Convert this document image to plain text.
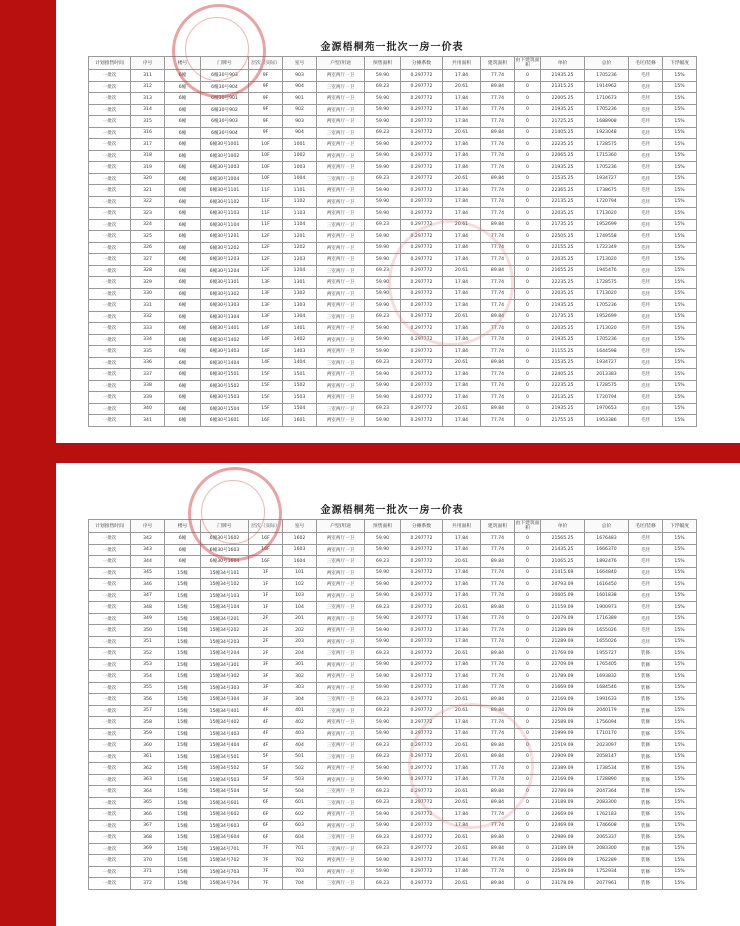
金源梧桐苑一批次一房一价表
计划推售时间	序号	楼号	门牌号	层次（实际）	室号	户型/用途	预售面积	分摊系数	共用面积	建筑面积	由下建筑面积	单价	总价	毛坯/装修	下浮幅度
一批次	311	6幢	6幢30号903	9F	903	两室两厅一卫	59.90	0.297772	17.84	77.74	0	21935.25	1705236	毛坯	15%
一批次	312	6幢	6幢30号904	9F	904	三室两厅一卫	69.23	0.297772	20.61	89.84	0	21315.25	1914962	毛坯	15%
一批次	313	6幢	6幢30号901	9F	901	两室两厅一卫	59.90	0.297772	17.84	77.74	0	22005.25	1710673	毛坯	15%
一批次	314	6幢	6幢30号902	9F	902	两室两厅一卫	59.90	0.297772	17.84	77.74	0	21935.25	1705236	毛坯	15%
一批次	315	6幢	6幢30号903	9F	903	两室两厅一卫	59.90	0.297772	17.84	77.74	0	21725.25	1688908	毛坯	15%
一批次	316	6幢	6幢30号904	9F	904	三室两厅一卫	69.23	0.297772	20.61	89.84	0	21405.25	1923048	毛坯	15%
一批次	317	6幢	6幢30号1001	10F	1001	两室两厅一卫	59.90	0.297772	17.84	77.74	0	22235.25	1728575	毛坯	15%
一批次	318	6幢	6幢30号1002	10F	1002	两室两厅一卫	59.90	0.297772	17.84	77.74	0	22065.25	1715360	毛坯	15%
一批次	319	6幢	6幢30号1003	10F	1003	两室两厅一卫	59.90	0.297772	17.84	77.74	0	21935.25	1705236	毛坯	15%
一批次	320	6幢	6幢30号1004	10F	1004	三室两厅一卫	69.23	0.297772	20.61	89.84	0	21535.25	1934727	毛坯	15%
一批次	321	6幢	6幢30号1101	11F	1101	两室两厅一卫	59.90	0.297772	17.84	77.74	0	22365.25	1738675	毛坯	15%
一批次	322	6幢	6幢30号1102	11F	1102	两室两厅一卫	59.90	0.297772	17.84	77.74	0	22135.25	1720794	毛坯	15%
一批次	323	6幢	6幢30号1103	11F	1103	两室两厅一卫	59.90	0.297772	17.84	77.74	0	22035.25	1713020	毛坯	15%
一批次	324	6幢	6幢30号1104	11F	1104	三室两厅一卫	69.23	0.297772	20.61	89.84	0	21735.25	1952699	毛坯	15%
一批次	325	6幢	6幢30号1201	12F	1201	两室两厅一卫	59.90	0.297772	17.84	77.74	0	22505.25	1749558	毛坯	15%
一批次	326	6幢	6幢30号1202	12F	1202	两室两厅一卫	59.90	0.297772	17.84	77.74	0	22155.25	1722349	毛坯	15%
一批次	327	6幢	6幢30号1203	12F	1203	两室两厅一卫	59.90	0.297772	17.84	77.74	0	22035.25	1713020	毛坯	15%
一批次	328	6幢	6幢30号1204	12F	1204	三室两厅一卫	69.23	0.297772	20.61	89.84	0	21655.25	1945476	毛坯	15%
一批次	329	6幢	6幢30号1301	13F	1301	两室两厅一卫	59.90	0.297772	17.84	77.74	0	22235.25	1728575	毛坯	15%
一批次	330	6幢	6幢30号1302	13F	1302	两室两厅一卫	59.90	0.297772	17.84	77.74	0	22035.25	1713020	毛坯	15%
一批次	331	6幢	6幢30号1303	13F	1303	两室两厅一卫	59.90	0.297772	17.84	77.74	0	21935.25	1705236	毛坯	15%
一批次	332	6幢	6幢30号1304	13F	1304	三室两厅一卫	69.23	0.297772	20.61	89.84	0	21735.25	1952699	毛坯	15%
一批次	333	6幢	6幢30号1401	14F	1401	两室两厅一卫	59.90	0.297772	17.84	77.74	0	22035.25	1713020	毛坯	15%
一批次	334	6幢	6幢30号1402	14F	1402	两室两厅一卫	59.90	0.297772	17.84	77.74	0	21935.25	1705236	毛坯	15%
一批次	335	6幢	6幢30号1403	14F	1403	两室两厅一卫	59.90	0.297772	17.84	77.74	0	21155.25	1644598	毛坯	15%
一批次	336	6幢	6幢30号1404	14F	1404	三室两厅一卫	69.23	0.297772	20.61	89.84	0	21535.25	1934727	毛坯	15%
一批次	337	6幢	6幢30号1501	15F	1501	两室两厅一卫	59.90	0.297772	17.84	77.74	0	22405.25	2013383	毛坯	15%
一批次	338	6幢	6幢30号1502	15F	1502	两室两厅一卫	59.90	0.297772	17.84	77.74	0	22235.25	1728575	毛坯	15%
一批次	339	6幢	6幢30号1503	15F	1503	两室两厅一卫	59.90	0.297772	17.84	77.74	0	22135.25	1720794	毛坯	15%
一批次	340	6幢	6幢30号1504	15F	1504	三室两厅一卫	69.23	0.297772	20.61	89.84	0	21935.25	1970653	毛坯	15%
一批次	341	6幢	6幢30号1601	16F	1601	两室两厅一卫	59.90	0.297772	17.84	77.74	0	21755.25	1953386	毛坯	15%
金源梧桐苑一批次一房一价表
计划推售时间	序号	楼号	门牌号	层次（实际）	室号	户型/用途	预售面积	分摊系数	共用面积	建筑面积	由下建筑面积	单价	总价	毛坯/装修	下浮幅度
一批次	342	6幢	6幢30号1602	16F	1602	两室两厅一卫	59.90	0.297772	17.84	77.74	0	21565.25	1676483	毛坯	15%
一批次	343	6幢	6幢30号1603	16F	1603	两室两厅一卫	59.90	0.297772	17.84	77.74	0	21435.25	1666370	毛坯	15%
一批次	344	6幢	6幢30号1604	16F	1604	三室两厅一卫	69.23	0.297772	20.61	89.84	0	21065.25	1892476	毛坯	15%
一批次	345	15幢	15幢34号101	1F	101	两室两厅一卫	59.90	0.297772	17.84	77.74	0	21415.69	1664840	毛坯	15%
一批次	346	15幢	15幢34号102	1F	102	两室两厅一卫	59.90	0.297772	17.84	77.74	0	20793.09	1616450	毛坯	15%
一批次	347	15幢	15幢34号103	1F	103	两室两厅一卫	59.90	0.297772	17.84	77.74	0	20605.09	1601838	毛坯	15%
一批次	348	15幢	15幢34号104	1F	104	三室两厅一卫	69.23	0.297772	20.61	89.84	0	21159.09	1900973	毛坯	15%
一批次	349	15幢	15幢34号201	2F	201	两室两厅一卫	59.90	0.297772	17.84	77.74	0	22079.09	1716389	毛坯	15%
一批次	350	15幢	15幢34号202	2F	202	两室两厅一卫	59.90	0.297772	17.84	77.74	0	21289.09	1655026	毛坯	15%
一批次	351	15幢	15幢34号203	2F	203	两室两厅一卫	59.90	0.297772	17.84	77.74	0	21289.09	1655026	毛坯	15%
一批次	352	15幢	15幢34号204	2F	204	三室两厅一卫	69.23	0.297772	20.61	89.84	0	21769.09	1955727	装修	15%
一批次	353	15幢	15幢34号301	3F	301	两室两厅一卫	59.90	0.297772	17.84	77.74	0	22709.09	1765405	装修	15%
一批次	354	15幢	15幢34号302	3F	302	两室两厅一卫	59.90	0.297772	17.84	77.74	0	21789.09	1693832	装修	15%
一批次	355	15幢	15幢34号303	3F	303	两室两厅一卫	59.90	0.297772	17.84	77.74	0	21669.09	1684546	装修	15%
一批次	356	15幢	15幢34号304	3F	304	三室两厅一卫	69.23	0.297772	20.61	89.84	0	22169.09	1991633	装修	15%
一批次	357	15幢	15幢34号401	4F	401	三室两厅一卫	69.23	0.297772	20.61	89.84	0	22709.09	2040179	装修	15%
一批次	358	15幢	15幢34号402	4F	402	两室两厅一卫	59.90	0.297772	17.84	77.74	0	22589.09	1756094	装修	15%
一批次	359	15幢	15幢34号403	4F	403	两室两厅一卫	59.90	0.297772	17.84	77.74	0	21999.09	1710170	装修	15%
一批次	360	15幢	15幢34号404	4F	404	三室两厅一卫	69.23	0.297772	20.61	89.84	0	22519.09	2023097	装修	15%
一批次	361	15幢	15幢34号501	5F	501	三室两厅一卫	69.23	0.297772	20.61	89.84	0	22909.09	2058147	装修	15%
一批次	362	15幢	15幢34号502	5F	502	两室两厅一卫	59.90	0.297772	17.84	77.74	0	22389.09	1738534	装修	15%
一批次	363	15幢	15幢34号503	5F	503	两室两厅一卫	59.90	0.297772	17.84	77.74	0	22169.09	1728890	装修	15%
一批次	364	15幢	15幢34号504	5F	504	三室两厅一卫	69.23	0.297772	20.61	89.84	0	22789.09	2047364	装修	15%
一批次	365	15幢	15幢34号601	6F	601	三室两厅一卫	69.23	0.297772	20.61	89.84	0	23189.09	2083300	装修	15%
一批次	366	15幢	15幢34号602	6F	602	两室两厅一卫	59.90	0.297772	17.84	77.74	0	22669.09	1762183	装修	15%
一批次	367	15幢	15幢34号603	6F	603	两室两厅一卫	59.90	0.297772	17.84	77.74	0	22469.09	1746608	装修	15%
一批次	368	15幢	15幢34号604	6F	604	三室两厅一卫	69.23	0.297772	20.61	89.84	0	22989.09	2065337	装修	15%
一批次	369	15幢	15幢34号701	7F	701	三室两厅一卫	69.23	0.297772	20.61	89.84	0	23189.09	2083300	装修	15%
一批次	370	15幢	15幢34号702	7F	702	两室两厅一卫	59.90	0.297772	17.84	77.74	0	22669.09	1762289	装修	15%
一批次	371	15幢	15幢34号703	7F	703	两室两厅一卫	59.90	0.297772	17.84	77.74	0	22549.09	1752934	装修	15%
一批次	372	15幢	15幢34号704	7F	704	三室两厅一卫	69.23	0.297772	20.61	89.84	0	23178.09	2077961	装修	15%
搜狐号@搜狐焦点惠施站
